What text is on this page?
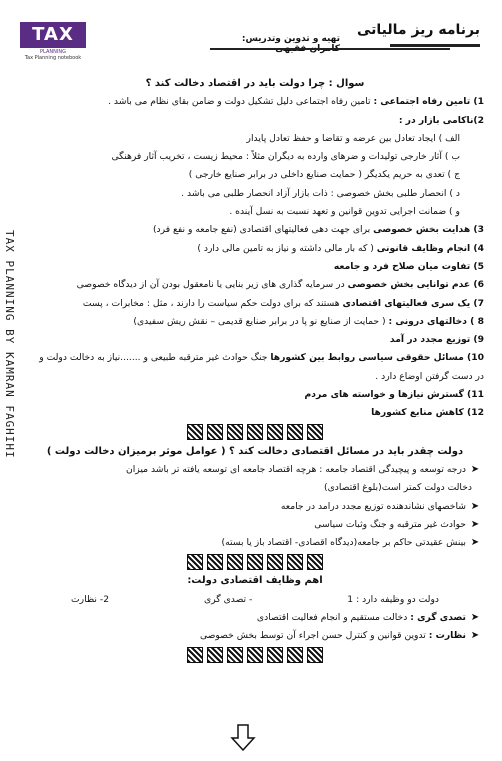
TAX
PLANNING
Tax Planning notebook
برنامه ریز مالیاتی
تهیه و تدوین وتدریس:
TAX PLANNING BY KAMRAN FAGHIHI
سوال : چرا دولت باید در اقتصاد دخالت کند ؟
1) تامین رفاه اجتماعی : تامین رفاه اجتماعی دلیل تشکیل دولت و ضامن بقای نظام می باشد .
2)ناکامی بازار در :
الف ) ایجاد تعادل بین عرضه و تقاضا و حفظ تعادل پایدار
ب ) آثار خارجی تولیدات و ضرهای وارده به دیگران مثلاً : محیط زیست ، تخریب آثار فرهنگی
ج ) تعدی به حریم یکدیگر ( حمایت صنایع داخلی در برابر صنایع خارجی )
د ) انحصار طلبی بخش خصوصی : ذات بازار آزاد انحصار طلبی می باشد .
و ) ضمانت اجرایی تدوین قوانین و تعهد نسبت به نسل آینده .
3) هدایت بخش خصوصی برای جهت دهی فعالیتهای اقتصادی (نفع جامعه و نفع فرد)
4) انجام وظایف قانونی ( که بار مالی داشته و نیاز به تامین مالی دارد )
5) تفاوت میان صلاح فرد و جامعه
6) عدم توانایی بخش خصوصی در سرمایه گذاری های زیر بنایی یا نامعقول بودن آن از دیدگاه خصوصی
7) یک سری فعالیتهای اقتصادی هستند که برای دولت حکم سیاست را دارند ، مثل : مخابرات ، پست
8 ) دخالتهای درونی : ( حمایت از صنایع نو پا در برابر صنایع قدیمی – نقش ریش سفیدی)
9) توزیع مجدد در آمد
10) مسائل حقوقی سیاسی روابط بین کشورها جنگ حوادث غیر مترقبه طبیعی و .......نیاز به دخالت دولت و
در دست گرفتن اوضاع دارد .
11) گسترش نیازها و خواسته های مردم
12) کاهش منابع کشورها
دولت چقدر باید در مسائل اقتصادی دخالت کند ؟ ( عوامل موثر برمیزان دخالت دولت )
➤
درجه توسعه و پیچیدگی اقتصاد جامعه : هرچه اقتصاد جامعه ای توسعه یافته تر باشد میزان
دخالت دولت کمتر است(بلوغ اقتصادی)
➤
شاخصهای نشاندهنده توزیع مجدد درامد در جامعه
➤
حوادث غیر مترقبه و جنگ وثبات سیاسی
➤
بینش عقیدتی حاکم بر جامعه(دیدگاه اقصادی- اقتصاد باز یا بسته)
اهم وظایف اقتصادی دولت:
دولت دو وظیفه دارد : 1
- تصدی گری
2- نظارت
➤
تصدی گری : دخالت مستقیم و انجام فعالیت اقتصادی
➤
نظارت : تدوین قوانین و کنترل حسن اجراء آن توسط بخش خصوصی
